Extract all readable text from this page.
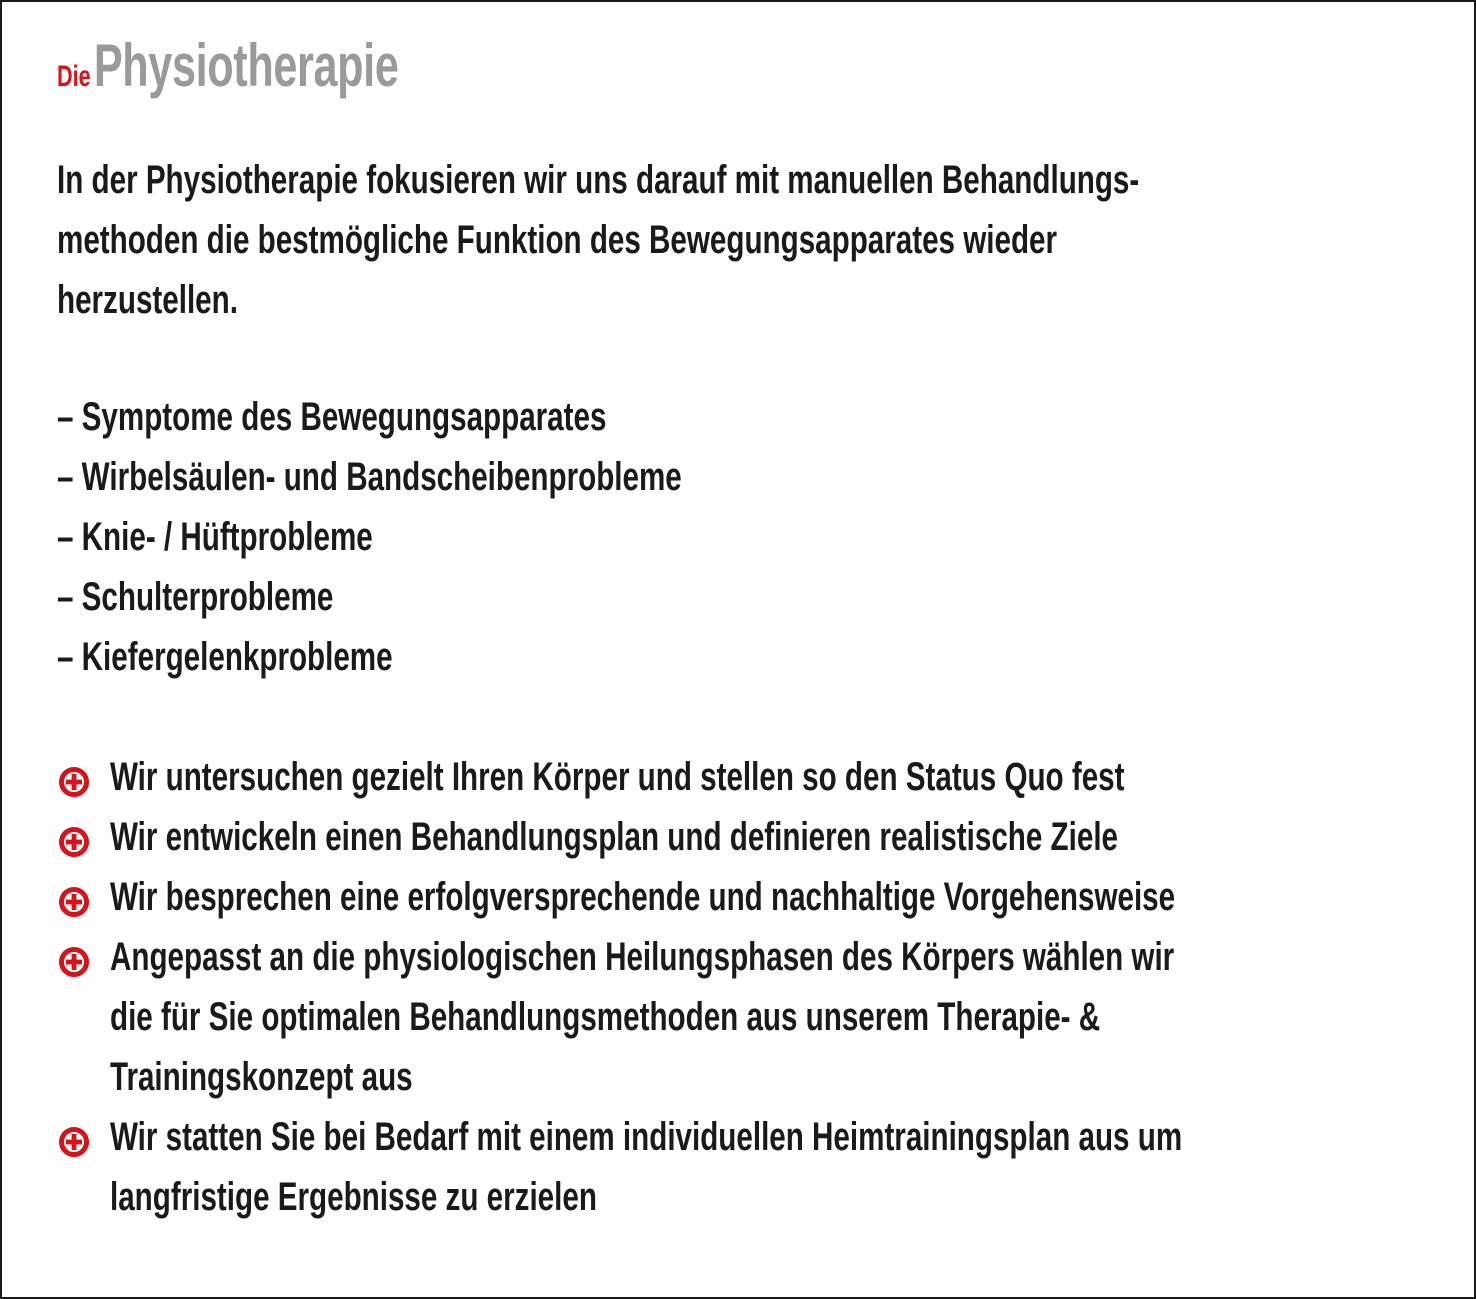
Die Physiotherapie
In der Physiotherapie fokusieren wir uns darauf mit manuellen Behandlungs-
methoden die bestmögliche Funktion des Bewegungsapparates wieder
herzustellen.
– Symptome des Bewegungsapparates
– Wirbelsäulen- und Bandscheibenprobleme
– Knie- / Hüftprobleme
– Schulterprobleme
– Kiefergelenkprobleme
Wir untersuchen gezielt Ihren Körper und stellen so den Status Quo fest
Wir entwickeln einen Behandlungsplan und definieren realistische Ziele
Wir besprechen eine erfolgversprechende und nachhaltige Vorgehensweise
Angepasst an die physiologischen Heilungsphasen des Körpers wählen wir
die für Sie optimalen Behandlungsmethoden aus unserem Therapie- &
Trainingskonzept aus
Wir statten Sie bei Bedarf mit einem individuellen Heimtrainingsplan aus um
langfristige Ergebnisse zu erzielen
